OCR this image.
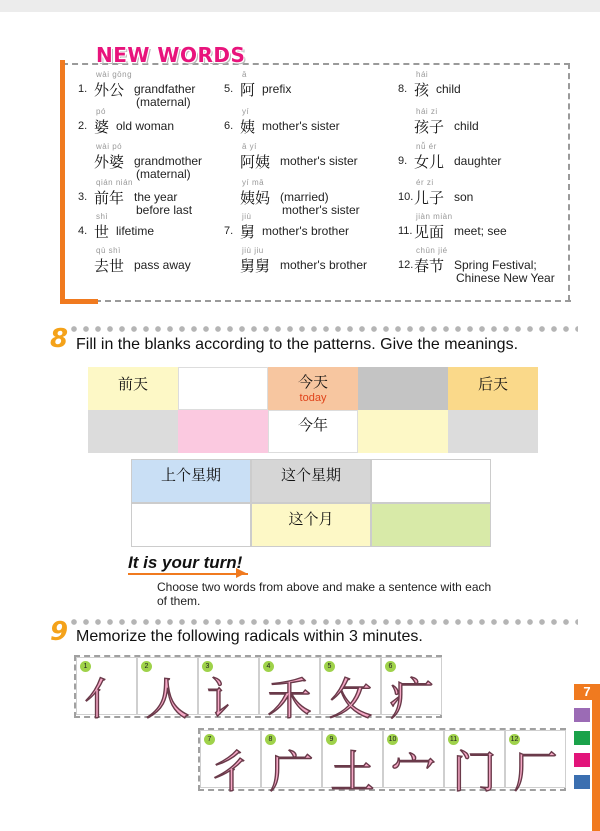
NEW WORDS
1.
wài gōng
外公 grandfather
(maternal)
2.
pó
婆 old woman
wài pó
外婆 grandmother
(maternal)
3.
qián nián
前年 the year
before last
4.
shì
世 lifetime
qù shì
去世 pass away
5.
ā
阿 prefix
6.
yí
姨 mother's sister
ā yí
阿姨 mother's sister
yí mā
姨妈 (married)
mother's sister
7.
jiù
舅 mother's brother
jiù jiu
舅舅 mother's brother
8.
hái
孩 child
hái zi
孩子 child
9.
nǚ ér
女儿 daughter
10.
ér zi
儿子 son
11.
jiàn miàn
见面 meet; see
12.
chūn jié
春节 Spring Festival;
Chinese New Year
8 Fill in the blanks according to the patterns. Give the meanings.
前天	今天
today
后天
今年
上个星期	这个星期
这个月
It is your turn!
Choose two words from above and make a sentence with each of them.
9 Memorize the following radicals within 3 minutes.
1
亻
2
人
3
讠
4
禾
5
攵
6
疒
7
彳
8
广
9
土
10
宀
11
门
12
厂
7
